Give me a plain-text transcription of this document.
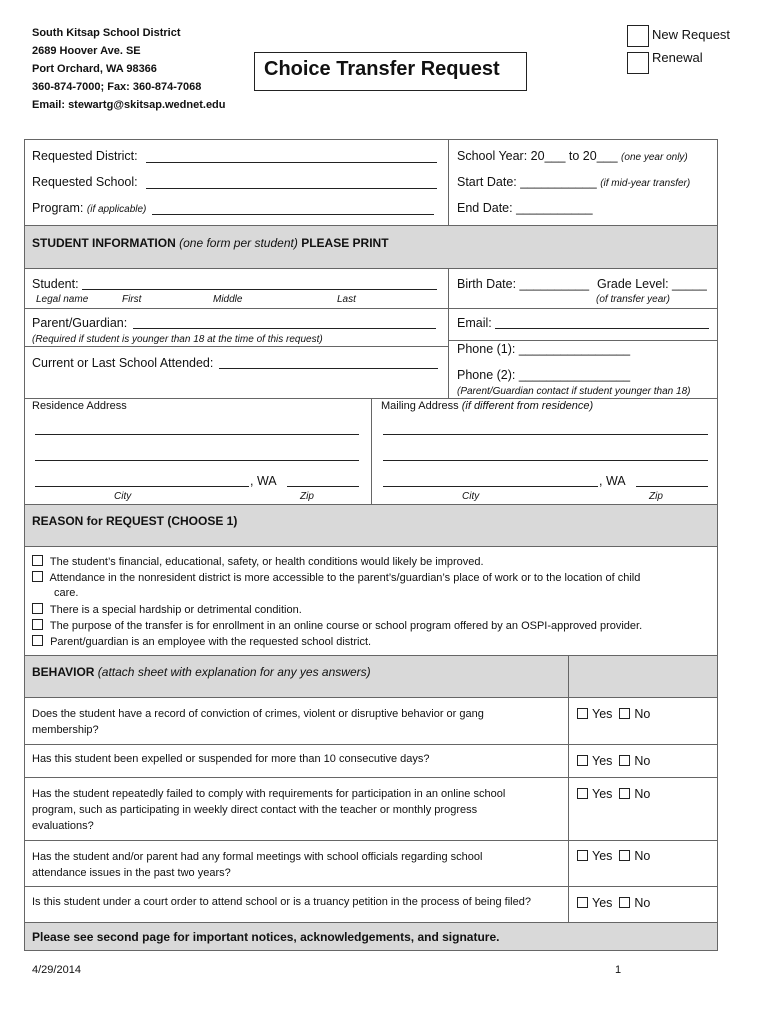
South Kitsap School District
2689 Hoover Ave. SE
Port Orchard, WA 98366
360-874-7000; Fax: 360-874-7068
Email: stewartg@skitsap.wednet.edu
Choice Transfer Request
New Request
Renewal
Requested District:
Requested School:
Program: (if applicable)
School Year: 20___ to 20___ (one year only)
Start Date: ___________ (if mid-year transfer)
End Date: ___________
STUDENT INFORMATION (one form per student) PLEASE PRINT
Student:
Legal name	First	Middle	Last
Birth Date: __________ Grade Level: _____
(of transfer year)
Parent/Guardian:
(Required if student is younger than 18 at the time of this request)
Current or Last School Attended:
Email:
Phone (1): ________________
Phone (2): ________________
(Parent/Guardian contact if student younger than 18)
Residence Address	Mailing Address (if different from residence)
, WA
City	Zip
, WA
City	Zip
REASON for REQUEST (CHOOSE 1)
The student’s financial, educational, safety, or health conditions would likely be improved.
Attendance in the nonresident district is more accessible to the parent’s/guardian’s place of work or to the location of child
care.
There is a special hardship or detrimental condition.
The purpose of the transfer is for enrollment in an online course or school program offered by an OSPI-approved provider.
Parent/guardian is an employee with the requested school district.
BEHAVIOR (attach sheet with explanation for any yes answers)
Does the student have a record of conviction of crimes, violent or disruptive behavior or gang
membership?
Yes No
Has this student been expelled or suspended for more than 10 consecutive days?	Yes No
Has the student repeatedly failed to comply with requirements for participation in an online school
program, such as participating in weekly direct contact with the teacher or monthly progress
evaluations?
Yes No
Has the student and/or parent had any formal meetings with school officials regarding school
attendance issues in the past two years?
Yes No
Is this student under a court order to attend school or is a truancy petition in the process of being filed?	Yes No
Please see second page for important notices, acknowledgements, and signature.
4/29/2014	1
